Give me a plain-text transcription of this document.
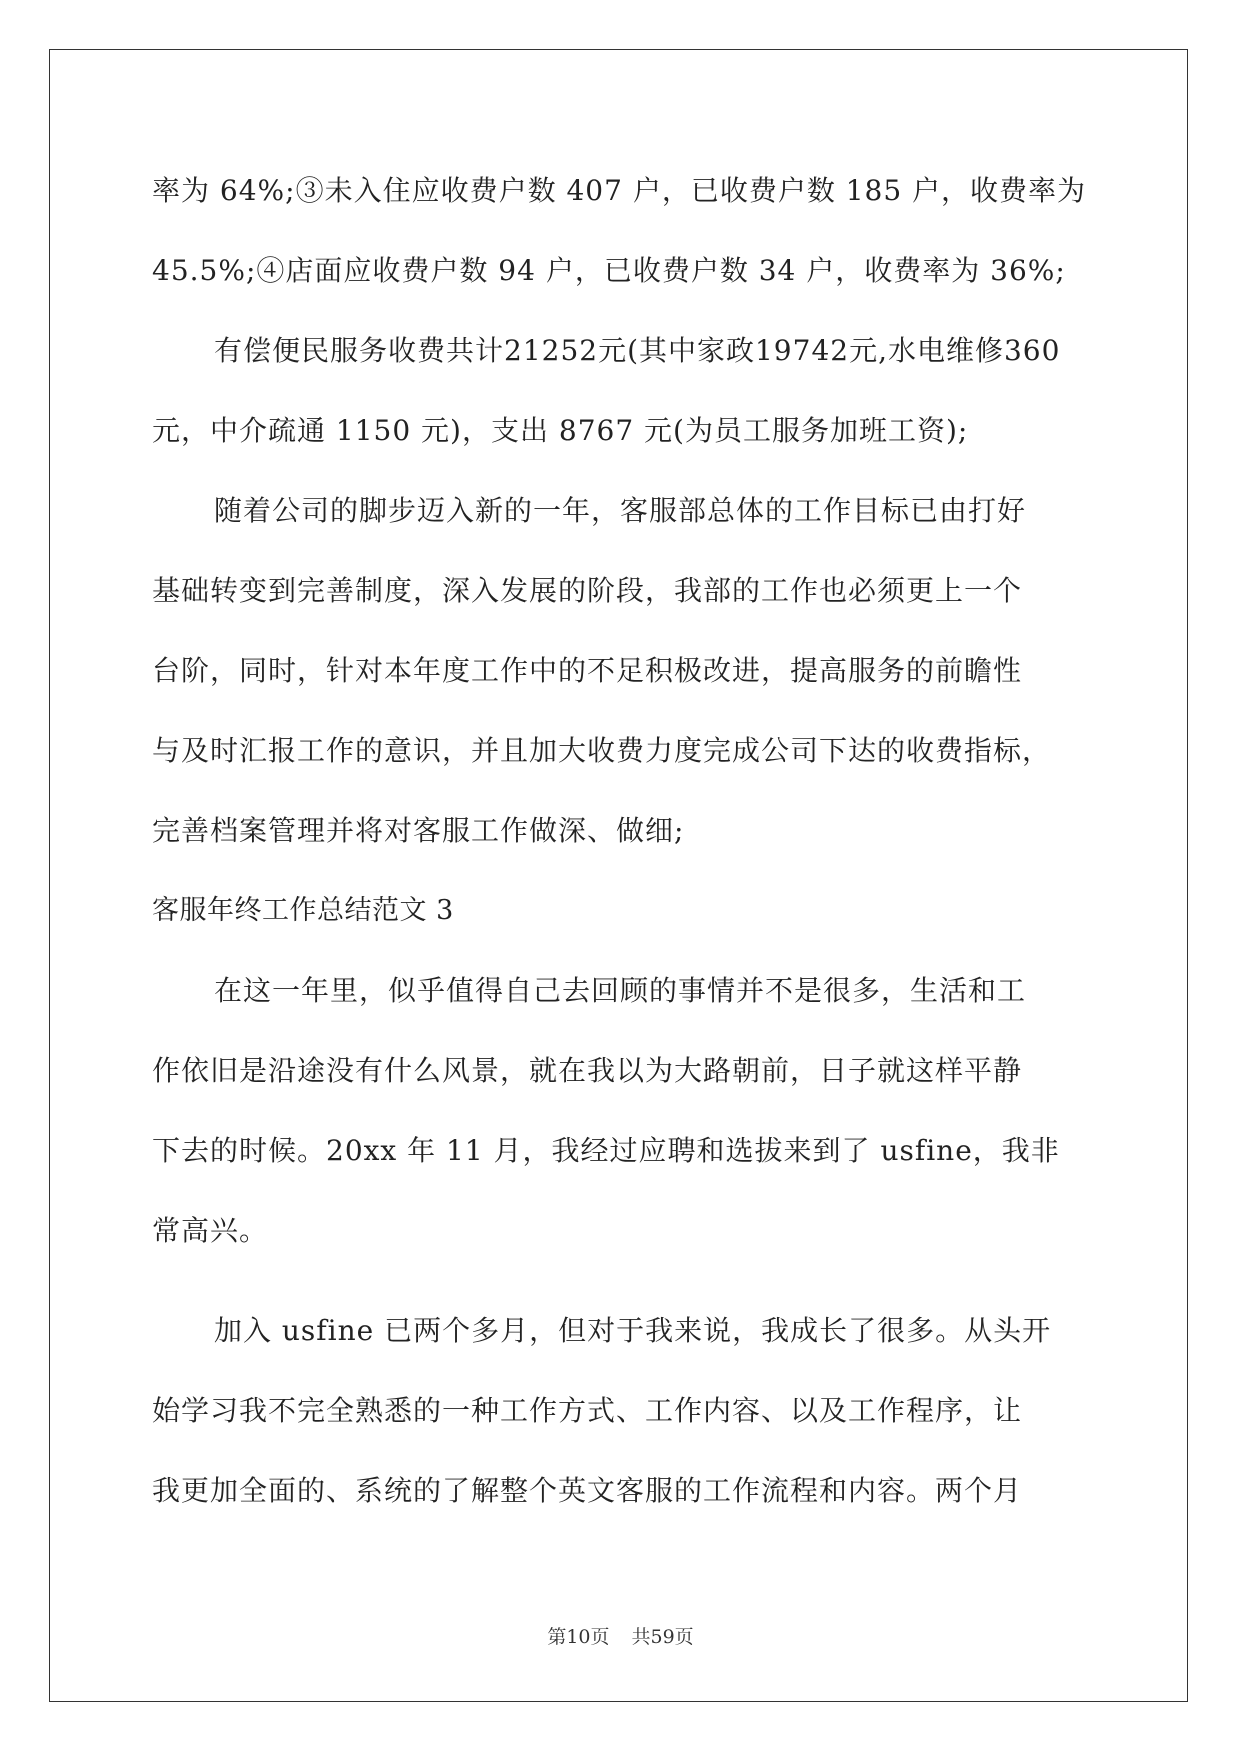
率为 64%;③未入住应收费户数 407 户，已收费户数 185 户，收费率为
45.5%;④店面应收费户数 94 户，已收费户数 34 户，收费率为 36%;
有偿便民服务收费共计21252元(其中家政19742元,水电维修360
元，中介疏通 1150 元)，支出 8767 元(为员工服务加班工资);
随着公司的脚步迈入新的一年，客服部总体的工作目标已由打好
基础转变到完善制度，深入发展的阶段，我部的工作也必须更上一个
台阶，同时，针对本年度工作中的不足积极改进，提高服务的前瞻性
与及时汇报工作的意识，并且加大收费力度完成公司下达的收费指标，
完善档案管理并将对客服工作做深、做细;
客服年终工作总结范文 3
在这一年里，似乎值得自己去回顾的事情并不是很多，生活和工
作依旧是沿途没有什么风景，就在我以为大路朝前，日子就这样平静
下去的时候。20xx 年 11 月，我经过应聘和选拔来到了 usfine，我非
常高兴。
加入 usfine 已两个多月，但对于我来说，我成长了很多。从头开
始学习我不完全熟悉的一种工作方式、工作内容、以及工作程序，让
我更加全面的、系统的了解整个英文客服的工作流程和内容。两个月
第10页 共59页
